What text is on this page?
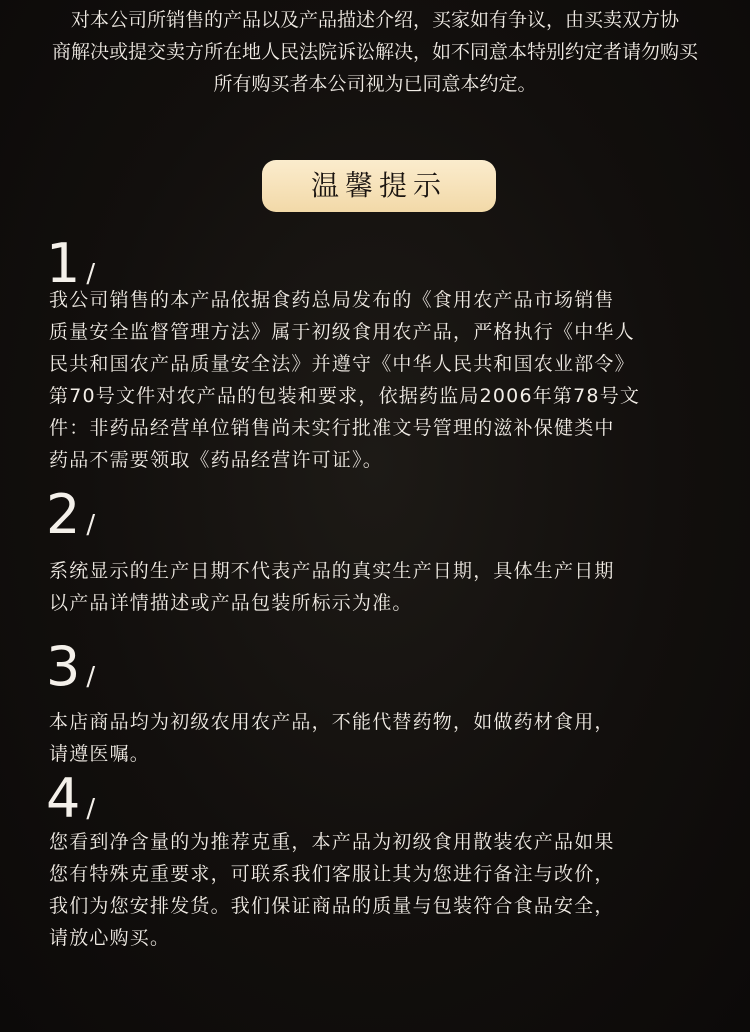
对本公司所销售的产品以及产品描述介绍，买家如有争议，由买卖双方协
商解决或提交卖方所在地人民法院诉讼解决，如不同意本特别约定者请勿购买
所有购买者本公司视为已同意本约定。
温馨提示
1 /
我公司销售的本产品依据食药总局发布的《食用农产品市场销售
质量安全监督管理方法》属于初级食用农产品，严格执行《中华人
民共和国农产品质量安全法》并遵守《中华人民共和国农业部令》
第70号文件对农产品的包装和要求，依据药监局2006年第78号文
件：非药品经营单位销售尚未实行批准文号管理的滋补保健类中
药品不需要领取《药品经营许可证》。
2 /
系统显示的生产日期不代表产品的真实生产日期，具体生产日期
以产品详情描述或产品包装所标示为准。
3 /
本店商品均为初级农用农产品，不能代替药物，如做药材食用，
请遵医嘱。
4 /
您看到净含量的为推荐克重，本产品为初级食用散装农产品如果
您有特殊克重要求，可联系我们客服让其为您进行备注与改价，
我们为您安排发货。我们保证商品的质量与包装符合食品安全，
请放心购买。
